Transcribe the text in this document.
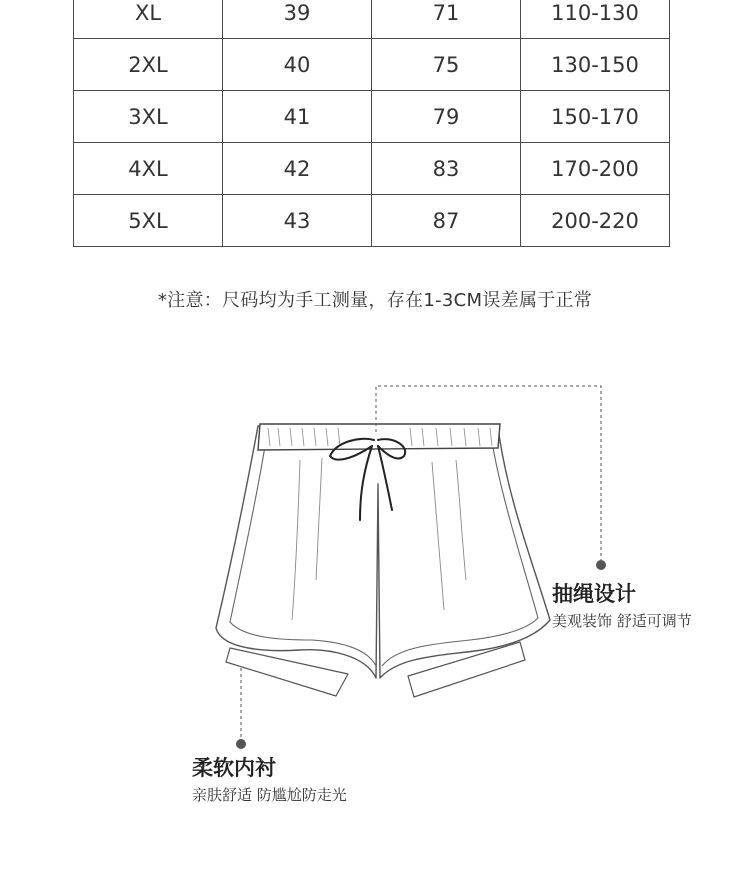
XL	39	71	110-130
2XL	40	75	130-150
3XL	41	79	150-170
4XL	42	83	170-200
5XL	43	87	200-220
*注意：尺码均为手工测量，存在1-3CM误差属于正常
抽绳设计
美观装饰 舒适可调节
柔软内衬
亲肤舒适 防尴尬防走光
